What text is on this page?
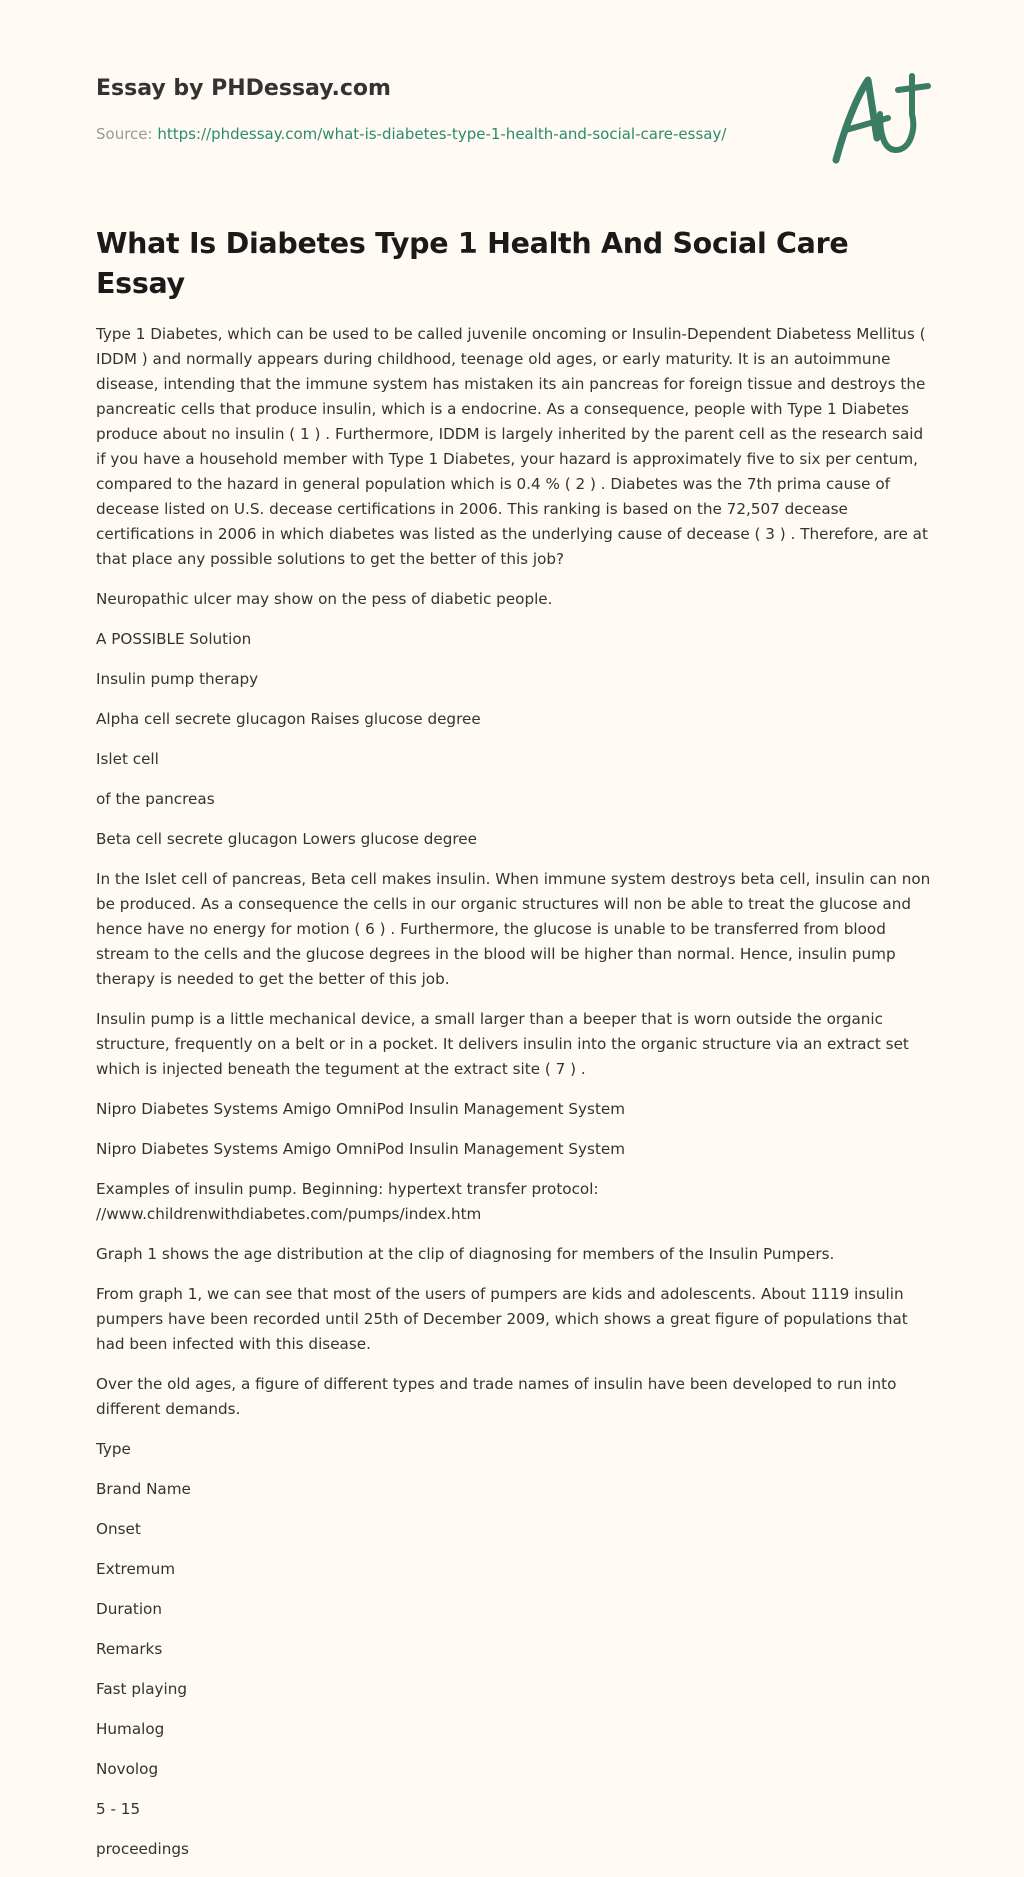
Essay by PHDessay.com
Source: https://phdessay.com/what-is-diabetes-type-1-health-and-social-care-essay/
What Is Diabetes Type 1 Health And Social Care Essay

Type 1 Diabetes, which can be used to be called juvenile oncoming or Insulin-Dependent Diabetess Mellitus ( IDDM ) and normally appears during childhood, teenage old ages, or early maturity. It is an autoimmune disease, intending that the immune system has mistaken its ain pancreas for foreign tissue and destroys the pancreatic cells that produce insulin, which is a endocrine. As a consequence, people with Type 1 Diabetes produce about no insulin ( 1 ) . Furthermore, IDDM is largely inherited by the parent cell as the research said if you have a household member with Type 1 Diabetes, your hazard is approximately five to six per centum, compared to the hazard in general population which is 0.4 % ( 2 ) . Diabetes was the 7th prima cause of decease listed on U.S. decease certifications in 2006. This ranking is based on the 72,507 decease certifications in 2006 in which diabetes was listed as the underlying cause of decease ( 3 ) . Therefore, are at that place any possible solutions to get the better of this job?

Neuropathic ulcer may show on the pess of diabetic people.

A POSSIBLE Solution

Insulin pump therapy

Alpha cell secrete glucagon Raises glucose degree

Islet cell

of the pancreas

Beta cell secrete glucagon Lowers glucose degree

In the Islet cell of pancreas, Beta cell makes insulin. When immune system destroys beta cell, insulin can non be produced. As a consequence the cells in our organic structures will non be able to treat the glucose and hence have no energy for motion ( 6 ) . Furthermore, the glucose is unable to be transferred from blood stream to the cells and the glucose degrees in the blood will be higher than normal. Hence, insulin pump therapy is needed to get the better of this job.

Insulin pump is a little mechanical device, a small larger than a beeper that is worn outside the organic structure, frequently on a belt or in a pocket. It delivers insulin into the organic structure via an extract set which is injected beneath the tegument at the extract site ( 7 ) .

Nipro Diabetes Systems Amigo OmniPod Insulin Management System

Nipro Diabetes Systems Amigo OmniPod Insulin Management System

Examples of insulin pump. Beginning: hypertext transfer protocol: //www.childrenwithdiabetes.com/pumps/index.htm

Graph 1 shows the age distribution at the clip of diagnosing for members of the Insulin Pumpers.

From graph 1, we can see that most of the users of pumpers are kids and adolescents. About 1119 insulin pumpers have been recorded until 25th of December 2009, which shows a great figure of populations that had been infected with this disease.

Over the old ages, a figure of different types and trade names of insulin have been developed to run into different demands.

Type

Brand Name

Onset

Extremum

Duration

Remarks

Fast playing

Humalog

Novolog

5 - 15

proceedings
